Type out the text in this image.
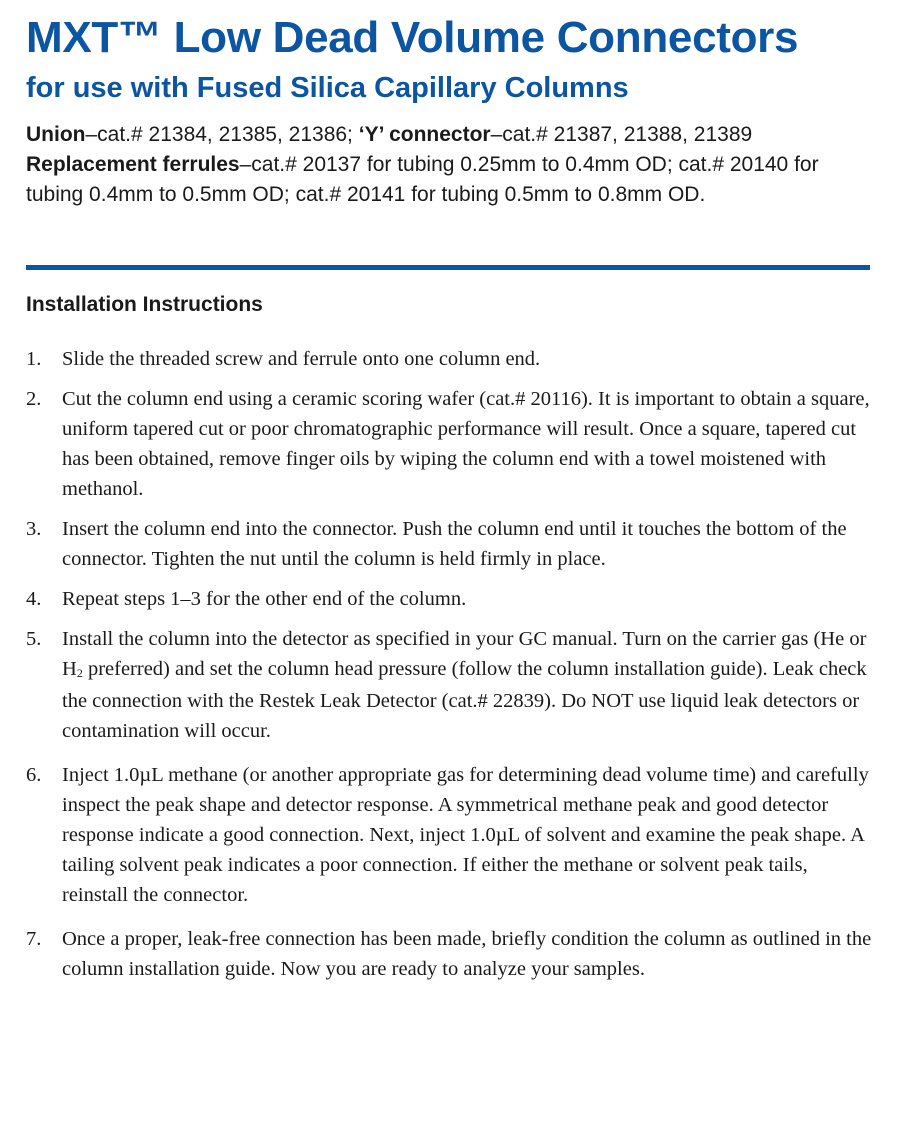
MXT™ Low Dead Volume Connectors
for use with Fused Silica Capillary Columns
Union–cat.# 21384, 21385, 21386; ‘Y’ connector–cat.# 21387, 21388, 21389
Replacement ferrules–cat.# 20137 for tubing 0.25mm to 0.4mm OD; cat.# 20140 for tubing 0.4mm to 0.5mm OD; cat.# 20141 for tubing 0.5mm to 0.8mm OD.
Installation Instructions
1. Slide the threaded screw and ferrule onto one column end.
2. Cut the column end using a ceramic scoring wafer (cat.# 20116). It is important to obtain a square, uniform tapered cut or poor chromatographic performance will result. Once a square, tapered cut has been obtained, remove finger oils by wiping the column end with a towel moistened with methanol.
3. Insert the column end into the connector. Push the column end until it touches the bottom of the connector. Tighten the nut until the column is held firmly in place.
4. Repeat steps 1–3 for the other end of the column.
5. Install the column into the detector as specified in your GC manual. Turn on the carrier gas (He or $H_2$ preferred) and set the column head pressure (follow the column installation guide). Leak check the connection with the Restek Leak Detector (cat.# 22839). Do NOT use liquid leak detectors or contamination will occur.
6. Inject 1.0µL methane (or another appropriate gas for determining dead volume time) and carefully inspect the peak shape and detector response. A symmetrical methane peak and good detector response indicate a good connection. Next, inject 1.0µL of solvent and examine the peak shape. A tailing solvent peak indicates a poor connection. If either the methane or solvent peak tails, reinstall the connector.
7. Once a proper, leak-free connection has been made, briefly condition the column as outlined in the column installation guide. Now you are ready to analyze your samples.
